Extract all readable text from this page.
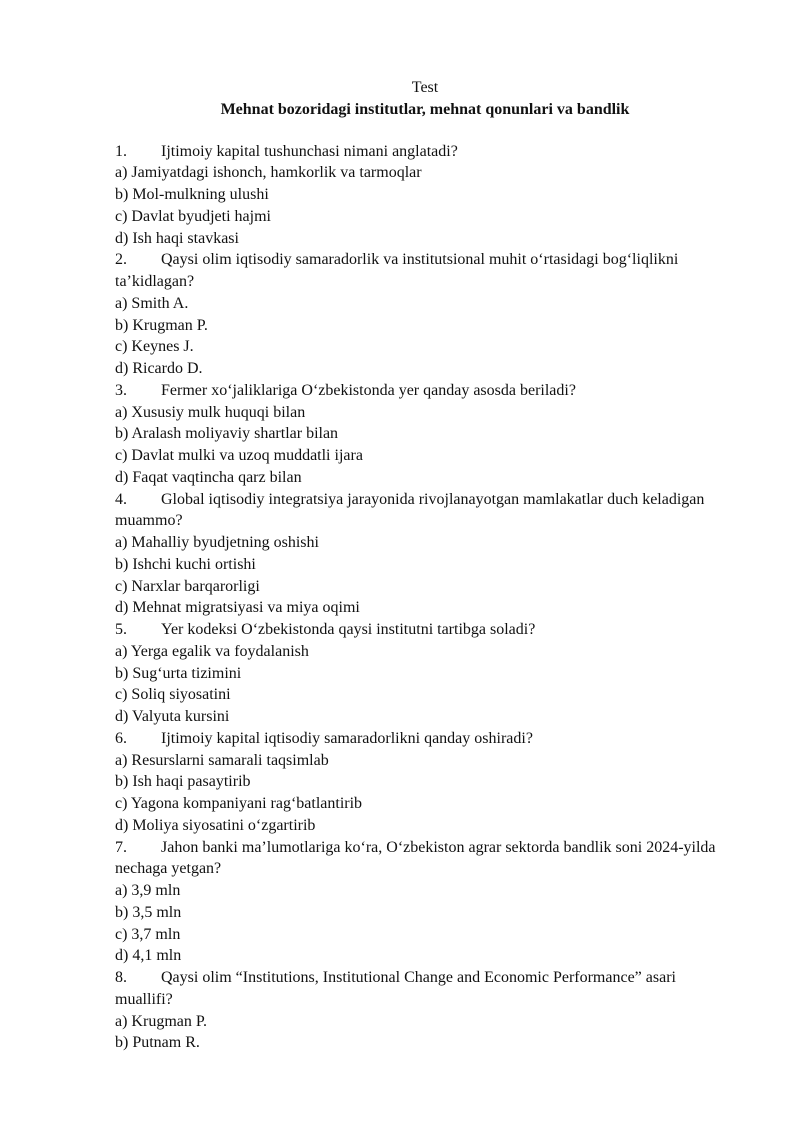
Test

Mehnat bozoridagi institutlar, mehnat qonunlari va bandlik

1. Ijtimoiy kapital tushunchasi nimani anglatadi?

a) Jamiyatdagi ishonch, hamkorlik va tarmoqlar

b) Mol-mulkning ulushi

c) Davlat byudjeti hajmi

d) Ish haqi stavkasi

2. Qaysi olim iqtisodiy samaradorlik va institutsional muhit o‘rtasidagi bog‘liqlikni ta’kidlagan?

a) Smith A.

b) Krugman P.

c) Keynes J.

d) Ricardo D.

3. Fermer xo‘jaliklariga O‘zbekistonda yer qanday asosda beriladi?

a) Xususiy mulk huquqi bilan

b) Aralash moliyaviy shartlar bilan

c) Davlat mulki va uzoq muddatli ijara

d) Faqat vaqtincha qarz bilan

4. Global iqtisodiy integratsiya jarayonida rivojlanayotgan mamlakatlar duch keladigan muammo?

a) Mahalliy byudjetning oshishi

b) Ishchi kuchi ortishi

c) Narxlar barqarorligi

d) Mehnat migratsiyasi va miya oqimi

5. Yer kodeksi O‘zbekistonda qaysi institutni tartibga soladi?

a) Yerga egalik va foydalanish

b) Sug‘urta tizimini

c) Soliq siyosatini

d) Valyuta kursini

6. Ijtimoiy kapital iqtisodiy samaradorlikni qanday oshiradi?

a) Resurslarni samarali taqsimlab

b) Ish haqi pasaytirib

c) Yagona kompaniyani rag‘batlantirib

d) Moliya siyosatini o‘zgartirib

7. Jahon banki ma’lumotlariga ko‘ra, O‘zbekiston agrar sektorda bandlik soni 2024-yilda nechaga yetgan?

a) 3,9 mln

b) 3,5 mln

c) 3,7 mln

d) 4,1 mln

8. Qaysi olim “Institutions, Institutional Change and Economic Performance” asari muallifi?

a) Krugman P.

b) Putnam R.
